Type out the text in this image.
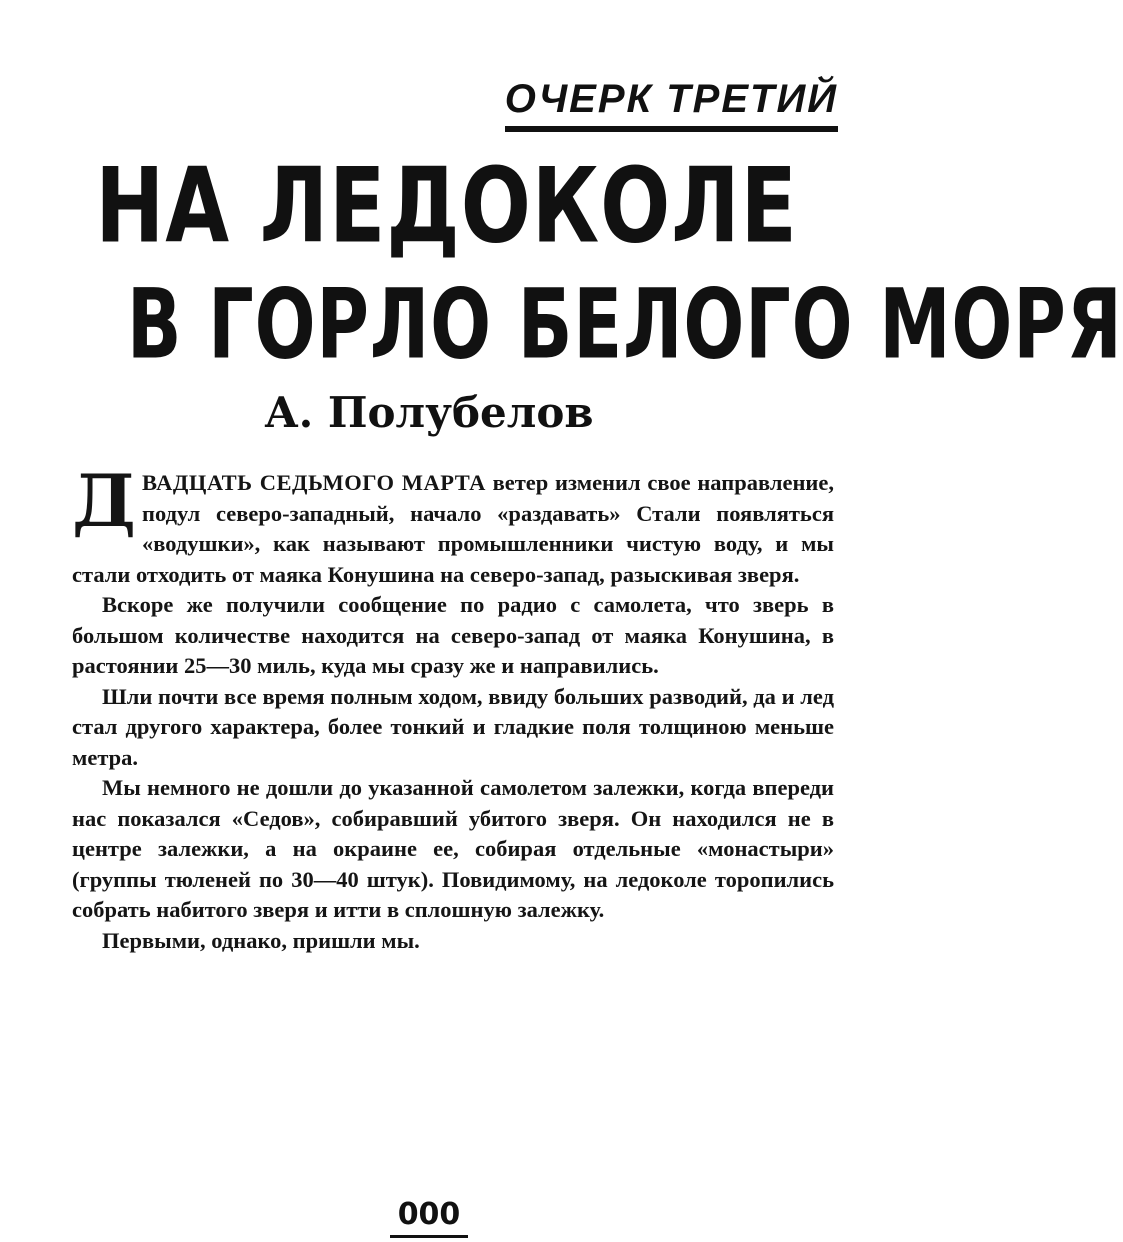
ОЧЕРК ТРЕТИЙ
НА ЛЕДОКОЛЕ
В ГОРЛО БЕЛОГО МОРЯ
А. Полубелов

ДВАДЦАТЬ СЕДЬМОГО МАРТА ветер изменил свое направление, подул северо-западный, начало «раздавать» Стали появляться «водушки», как называют промышленники чистую воду, и мы стали отходить от маяка Конушина на северо-запад, разыскивая зверя.

Вскоре же получили сообщение по радио с самолета, что зверь в большом количестве находится на северо-запад от маяка Конушина, в растоянии 25—30 миль, куда мы сразу же и направились.

Шли почти все время полным ходом, ввиду больших разводий, да и лед стал другого характера, более тонкий и гладкие поля толщиною меньше метра.

Мы немного не дошли до указанной самолетом залежки, когда впереди нас показался «Седов», собиравший убитого зверя. Он находился не в центре залежки, а на окраине ее, собирая отдельные «монастыри» (группы тюленей по 30—40 штук). Повидимому, на ледоколе торопились собрать набитого зверя и итти в сплошную залежку.

Первыми, однако, пришли мы.

000
